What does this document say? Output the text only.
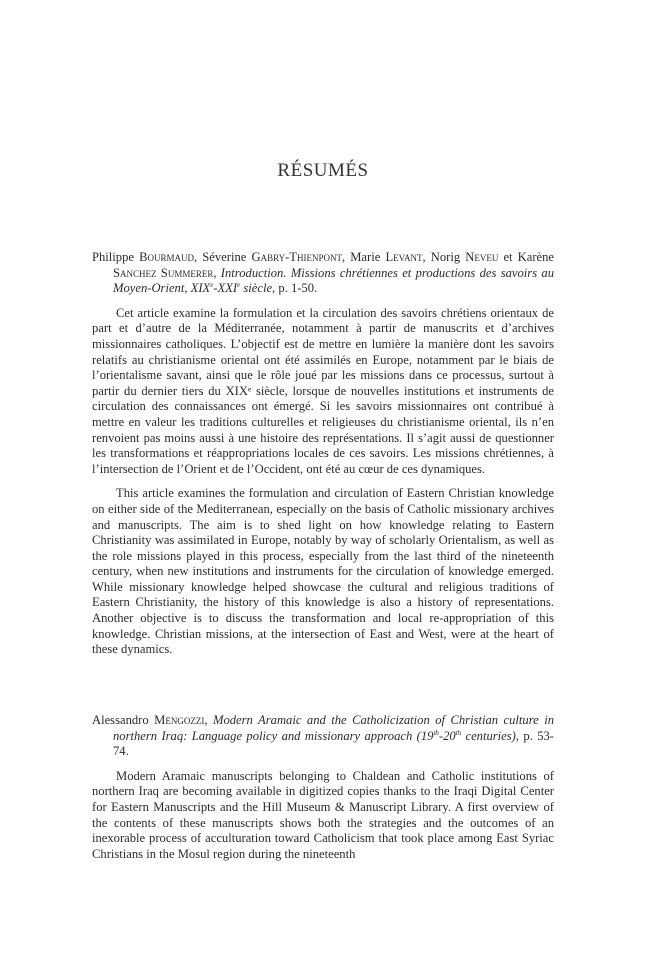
RÉSUMÉS
Philippe Bourmaud, Séverine Gabry-Thienpont, Marie Levant, Norig Neveu et Karène Sanchez Summerer, Introduction. Missions chrétiennes et productions des savoirs au Moyen-Orient, XIXe-XXIe siècle, p. 1-50.

Cet article examine la formulation et la circulation des savoirs chrétiens orientaux de part et d’autre de la Méditerranée, notamment à partir de manuscrits et d’archives missionnaires catholiques. L’objectif est de mettre en lumière la manière dont les savoirs relatifs au christianisme oriental ont été assimilés en Europe, notamment par le biais de l’orientalisme savant, ainsi que le rôle joué par les missions dans ce processus, surtout à partir du dernier tiers du XIXᵉ siècle, lorsque de nouvelles institutions et instruments de circulation des connaissances ont émergé. Si les savoirs missionnaires ont contribué à mettre en valeur les traditions culturelles et religieuses du christianisme oriental, ils n’en renvoient pas moins aussi à une histoire des représentations. Il s’agit aussi de questionner les transformations et réappropriations locales de ces savoirs. Les missions chrétiennes, à l’intersection de l’Orient et de l’Occident, ont été au cœur de ces dynamiques.

This article examines the formulation and circulation of Eastern Christian knowledge on either side of the Mediterranean, especially on the basis of Catholic missionary archives and manuscripts. The aim is to shed light on how knowledge relating to Eastern Christianity was assimilated in Europe, notably by way of scholarly Orientalism, as well as the role missions played in this process, especially from the last third of the nineteenth century, when new institutions and instruments for the circulation of knowledge emerged. While missionary knowledge helped showcase the cultural and religious traditions of Eastern Christianity, the history of this knowledge is also a history of representations. Another objective is to discuss the transformation and local re-appropriation of this knowledge. Christian missions, at the intersection of East and West, were at the heart of these dynamics.

Alessandro Mengozzi, Modern Aramaic and the Catholicization of Christian culture in northern Iraq: Language policy and missionary approach (19th-20th centuries), p. 53-74.

Modern Aramaic manuscripts belonging to Chaldean and Catholic institutions of northern Iraq are becoming available in digitized copies thanks to the Iraqi Digital Center for Eastern Manuscripts and the Hill Museum & Manuscript Library. A first overview of the contents of these manuscripts shows both the strategies and the outcomes of an inexorable process of acculturation toward Catholicism that took place among East Syriac Christians in the Mosul region during the nineteenth
